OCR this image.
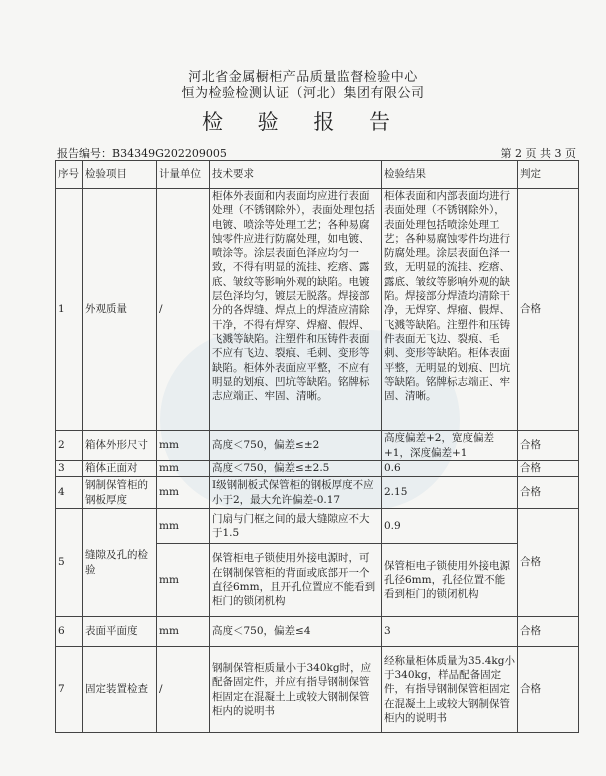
河北省金属橱柜产品质量监督检验中心
恒为检验检测认证（河北）集团有限公司
检 验 报 告
报告编号：B34349G202209005	第 2 页 共 3 页
序号	检验项目	计量单位	技术要求	检验结果	判定
1	外观质量	/	柜体外表面和内表面均应进行表面处理（不锈钢除外），表面处理包括电镀、喷涂等处理工艺；各种易腐蚀零件应进行防腐处理，如电镀、喷涂等。涂层表面色泽应均匀一致，不得有明显的流挂、疙瘩、露底、皱纹等影响外观的缺陷。电镀层色泽均匀，镀层无脱落。焊接部分的各焊缝、焊点上的焊渣应清除干净，不得有焊穿、焊瘤、假焊、飞溅等缺陷。注塑件和压铸件表面不应有飞边、裂痕、毛刺、变形等缺陷。柜体外表面应平整，不应有明显的划痕、凹坑等缺陷。铭牌标志应端正、牢固、清晰。	柜体表面和内部表面均进行表面处理（不锈钢除外），表面处理包括喷涂处理工艺；各种易腐蚀零件均进行防腐处理。涂层表面色泽一致，无明显的流挂、疙瘩、露底、皱纹等影响外观的缺陷。焊接部分焊渣均清除干净，无焊穿、焊瘤、假焊、飞溅等缺陷。注塑件和压铸件表面无飞边、裂痕、毛刺、变形等缺陷。柜体表面平整，无明显的划痕、凹坑等缺陷。铭牌标志端正、牢固、清晰。	合格
2	箱体外形尺寸	mm	高度＜750，偏差≤±2	高度偏差+2，宽度偏差+1，深度偏差+1	合格
3	箱体正面对	mm	高度＜750，偏差≤±2.5	0.6	合格
4	钢制保管柜的钢板厚度	mm	Ⅰ级钢制板式保管柜的钢板厚度不应小于2，最大允许偏差-0.17	2.15	合格
5	缝隙及孔的检验	mm	门扇与门框之间的最大缝隙应不大于1.5	0.9	合格
		mm	保管柜电子锁使用外接电源时，可在钢制保管柜的背面或底部开一个直径6mm，且开孔位置应不能看到柜门的锁闭机构	保管柜电子锁使用外接电源孔径6mm，孔径位置不能看到柜门的锁闭机构	
6	表面平面度	mm	高度＜750，偏差≤4	3	合格
7	固定装置检查	/	钢制保管柜质量小于340kg时，应配备固定件，并应有指导钢制保管柜固定在混凝土上或较大钢制保管柜内的说明书	经称量柜体质量为35.4kg小于340kg，样品配备固定件，有指导钢制保管柜固定在混凝土上或较大钢制保管柜内的说明书	合格
